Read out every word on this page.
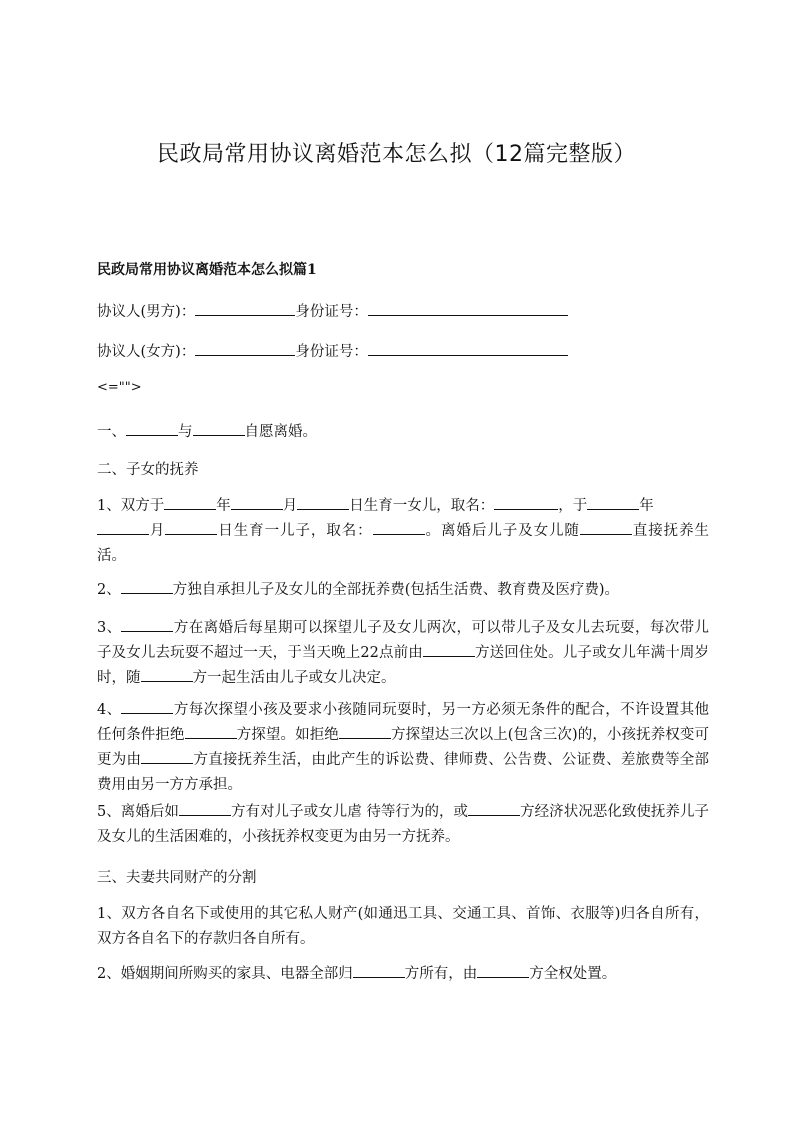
民政局常用协议离婚范本怎么拟（12篇完整版）
民政局常用协议离婚范本怎么拟篇1
协议人(男方)：	身份证号：
协议人(女方)：	身份证号：
<="">
一、	与	自愿离婚。
二、子女的抚养
1、双方于	年	月	日生育一女儿，取名：	，于	年
月	日生育一儿子，取名：	。离婚后儿子及女儿随	直接抚养生活。
2、	方独自承担儿子及女儿的全部抚养费(包括生活费、教育费及医疗费)。
3、	方在离婚后每星期可以探望儿子及女儿两次，可以带儿子及女儿去玩耍，每次带儿子及女儿去玩耍不超过一天，于当天晚上22点前由	方送回住处。儿子或女儿年满十周岁时，随	方一起生活由儿子或女儿决定。
4、	方每次探望小孩及要求小孩随同玩耍时，另一方必须无条件的配合，不许设置其他任何条件拒绝	方探望。如拒绝	方探望达三次以上(包含三次)的，小孩抚养权变可更为由	方直接抚养生活，由此产生的诉讼费、律师费、公告费、公证费、差旅费等全部费用由另一方方承担。
5、离婚后如	方有对儿子或女儿虐 待等行为的，或	方经济状况恶化致使抚养儿子及女儿的生活困难的，小孩抚养权变更为由另一方抚养。
三、夫妻共同财产的分割
1、双方各自名下或使用的其它私人财产(如通迅工具、交通工具、首饰、衣服等)归各自所有，双方各自名下的存款归各自所有。
2、婚姻期间所购买的家具、电器全部归	方所有，由	方全权处置。
